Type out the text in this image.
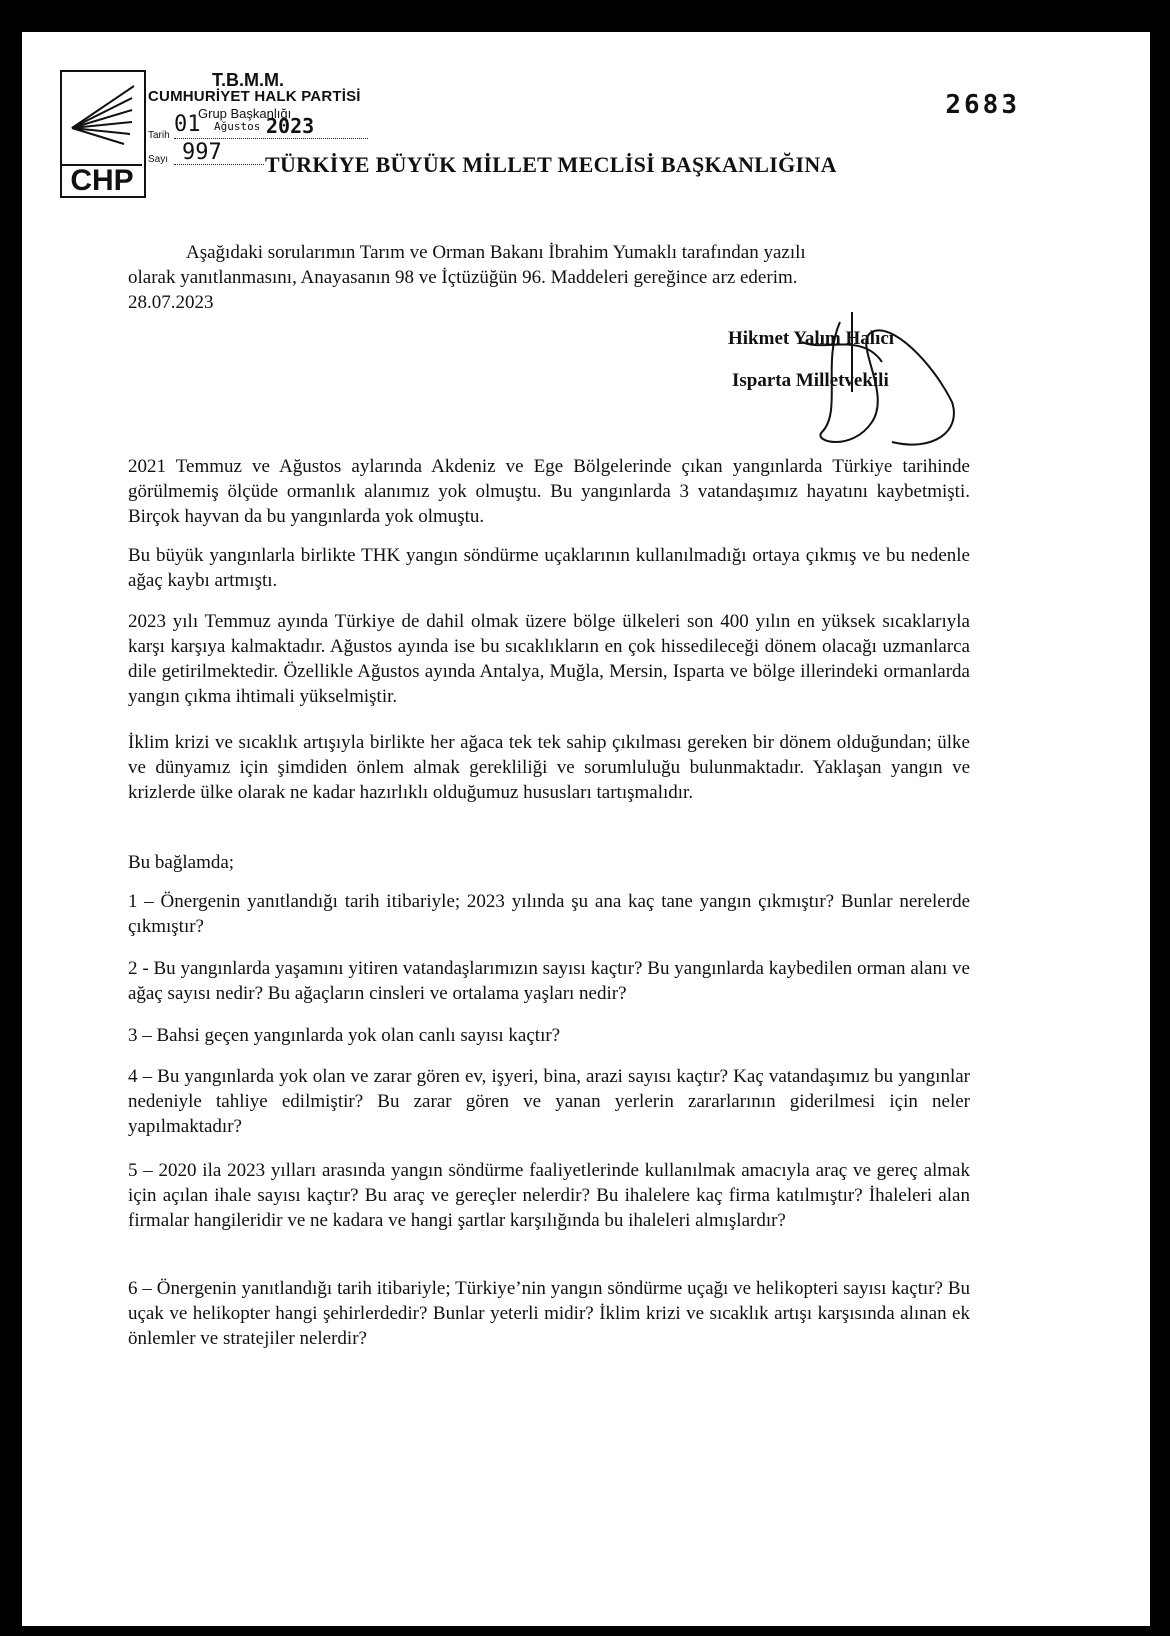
CHP
T.B.M.M.
CUMHURİYET HALK PARTİSİ
Grup Başkanlığı
Tarih 01 Ağustos 2023
Sayı 997 TÜRKİYE BÜYÜK MİLLET MECLİSİ BAŞKANLIĞINA
2683
Aşağıdaki sorularımın Tarım ve Orman Bakanı İbrahim Yumaklı tarafından yazılı
olarak yanıtlanmasını, Anayasanın 98 ve İçtüzüğün 96. Maddeleri gereğince arz ederim.
28.07.2023
Hikmet Yalım Halıcı
Isparta Milletvekili
2021 Temmuz ve Ağustos aylarında Akdeniz ve Ege Bölgelerinde çıkan yangınlarda Türkiye tarihinde görülmemiş ölçüde ormanlık alanımız yok olmuştu. Bu yangınlarda 3 vatandaşımız hayatını kaybetmişti. Birçok hayvan da bu yangınlarda yok olmuştu.
Bu büyük yangınlarla birlikte THK yangın söndürme uçaklarının kullanılmadığı ortaya çıkmış ve bu nedenle ağaç kaybı artmıştı.
2023 yılı Temmuz ayında Türkiye de dahil olmak üzere bölge ülkeleri son 400 yılın en yüksek sıcaklarıyla karşı karşıya kalmaktadır. Ağustos ayında ise bu sıcaklıkların en çok hissedileceği dönem olacağı uzmanlarca dile getirilmektedir. Özellikle Ağustos ayında Antalya, Muğla, Mersin, Isparta ve bölge illerindeki ormanlarda yangın çıkma ihtimali yükselmiştir.
İklim krizi ve sıcaklık artışıyla birlikte her ağaca tek tek sahip çıkılması gereken bir dönem olduğundan; ülke ve dünyamız için şimdiden önlem almak gerekliliği ve sorumluluğu bulunmaktadır. Yaklaşan yangın ve krizlerde ülke olarak ne kadar hazırlıklı olduğumuz hususları tartışmalıdır.
Bu bağlamda;
1 – Önergenin yanıtlandığı tarih itibariyle; 2023 yılında şu ana kaç tane yangın çıkmıştır? Bunlar nerelerde çıkmıştır?
2 - Bu yangınlarda yaşamını yitiren vatandaşlarımızın sayısı kaçtır? Bu yangınlarda kaybedilen orman alanı ve ağaç sayısı nedir? Bu ağaçların cinsleri ve ortalama yaşları nedir?
3 – Bahsi geçen yangınlarda yok olan canlı sayısı kaçtır?
4 – Bu yangınlarda yok olan ve zarar gören ev, işyeri, bina, arazi sayısı kaçtır? Kaç vatandaşımız bu yangınlar nedeniyle tahliye edilmiştir? Bu zarar gören ve yanan yerlerin zararlarının giderilmesi için neler yapılmaktadır?
5 – 2020 ila 2023 yılları arasında yangın söndürme faaliyetlerinde kullanılmak amacıyla araç ve gereç almak için açılan ihale sayısı kaçtır? Bu araç ve gereçler nelerdir? Bu ihalelere kaç firma katılmıştır? İhaleleri alan firmalar hangileridir ve ne kadara ve hangi şartlar karşılığında bu ihaleleri almışlardır?
6 – Önergenin yanıtlandığı tarih itibariyle; Türkiye’nin yangın söndürme uçağı ve helikopteri sayısı kaçtır? Bu uçak ve helikopter hangi şehirlerdedir? Bunlar yeterli midir? İklim krizi ve sıcaklık artışı karşısında alınan ek önlemler ve stratejiler nelerdir?
